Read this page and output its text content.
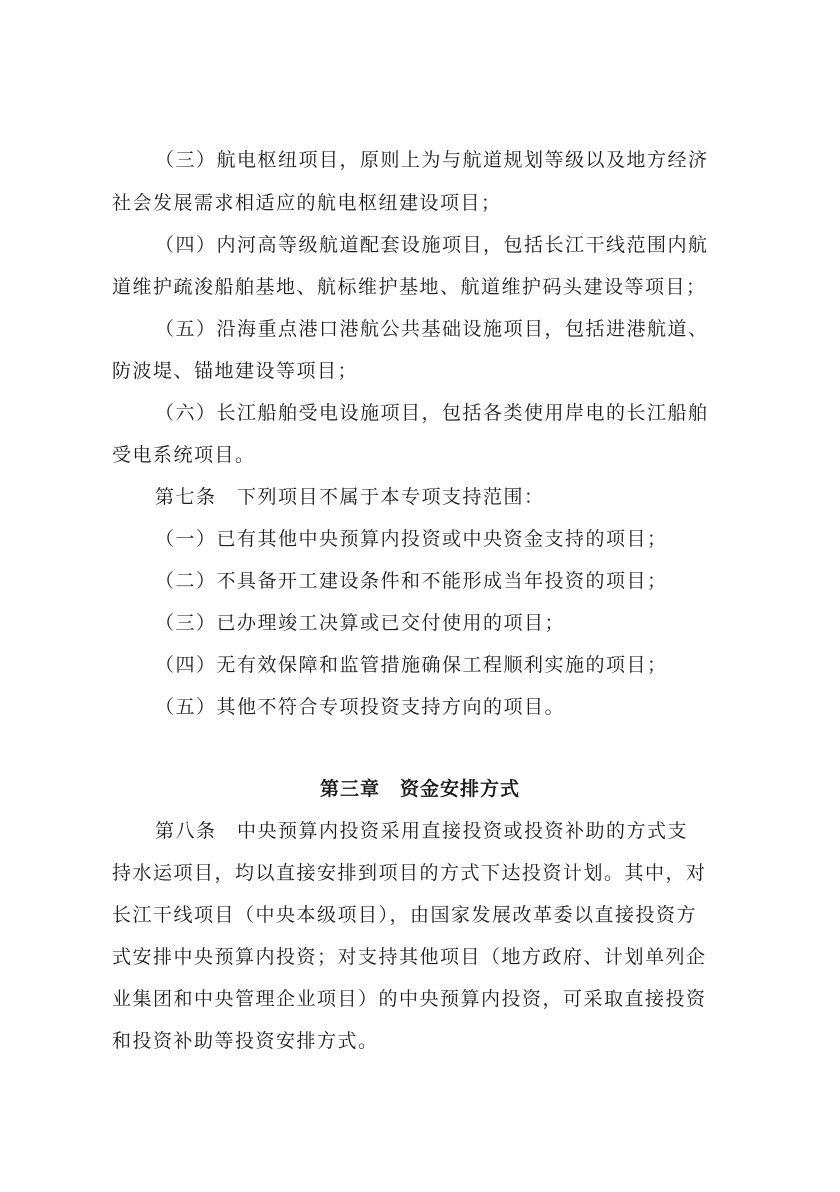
（三）航电枢纽项目，原则上为与航道规划等级以及地方经济
社会发展需求相适应的航电枢纽建设项目；
（四）内河高等级航道配套设施项目，包括长江干线范围内航
道维护疏浚船舶基地、航标维护基地、航道维护码头建设等项目；
（五）沿海重点港口港航公共基础设施项目，包括进港航道、
防波堤、锚地建设等项目；
（六）长江船舶受电设施项目，包括各类使用岸电的长江船舶
受电系统项目。
第七条　下列项目不属于本专项支持范围：
（一）已有其他中央预算内投资或中央资金支持的项目；
（二）不具备开工建设条件和不能形成当年投资的项目；
（三）已办理竣工决算或已交付使用的项目；
（四）无有效保障和监管措施确保工程顺利实施的项目；
（五）其他不符合专项投资支持方向的项目。
第三章　资金安排方式
第八条　中央预算内投资采用直接投资或投资补助的方式支
持水运项目，均以直接安排到项目的方式下达投资计划。其中，对
长江干线项目（中央本级项目），由国家发展改革委以直接投资方
式安排中央预算内投资；对支持其他项目（地方政府、计划单列企
业集团和中央管理企业项目）的中央预算内投资，可采取直接投资
和投资补助等投资安排方式。
